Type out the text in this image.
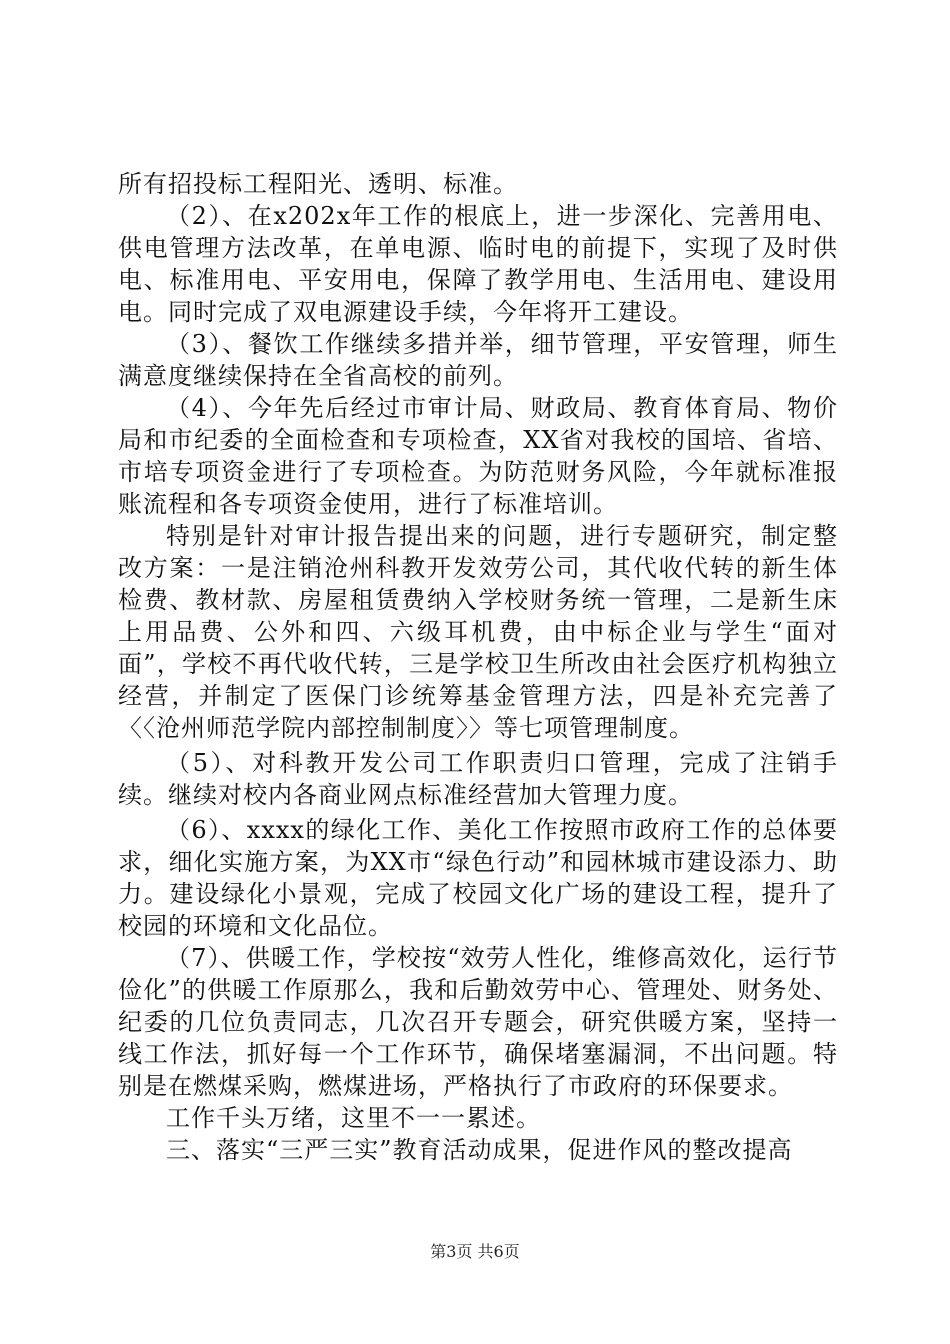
所有招投标工程阳光、透明、标准。

（2）、在x202x年工作的根底上，进一步深化、完善用电、供电管理方法改革，在单电源、临时电的前提下，实现了及时供电、标准用电、平安用电，保障了教学用电、生活用电、建设用电。同时完成了双电源建设手续，今年将开工建设。

（3）、餐饮工作继续多措并举，细节管理，平安管理，师生满意度继续保持在全省高校的前列。

（4）、今年先后经过市审计局、财政局、教育体育局、物价局和市纪委的全面检查和专项检查，XX省对我校的国培、省培、市培专项资金进行了专项检查。为防范财务风险，今年就标准报账流程和各专项资金使用，进行了标准培训。

特别是针对审计报告提出来的问题，进行专题研究，制定整改方案：一是注销沧州科教开发效劳公司，其代收代转的新生体检费、教材款、房屋租赁费纳入学校财务统一管理，二是新生床上用品费、公外和四、六级耳机费，由中标企业与学生“面对面”，学校不再代收代转，三是学校卫生所改由社会医疗机构独立经营，并制定了医保门诊统筹基金管理方法，四是补充完善了〈〈沧州师范学院内部控制制度〉〉等七项管理制度。

（5）、对科教开发公司工作职责归口管理，完成了注销手续。继续对校内各商业网点标准经营加大管理力度。

（6）、xxxx的绿化工作、美化工作按照市政府工作的总体要求，细化实施方案，为XX市“绿色行动”和园林城市建设添力、助力。建设绿化小景观，完成了校园文化广场的建设工程，提升了校园的环境和文化品位。

（7）、供暖工作，学校按“效劳人性化，维修高效化，运行节俭化”的供暖工作原那么，我和后勤效劳中心、管理处、财务处、纪委的几位负责同志，几次召开专题会，研究供暖方案，坚持一线工作法，抓好每一个工作环节，确保堵塞漏洞，不出问题。特别是在燃煤采购，燃煤进场，严格执行了市政府的环保要求。

工作千头万绪，这里不一一累述。

三、落实“三严三实”教育活动成果，促进作风的整改提高

第3页 共6页
